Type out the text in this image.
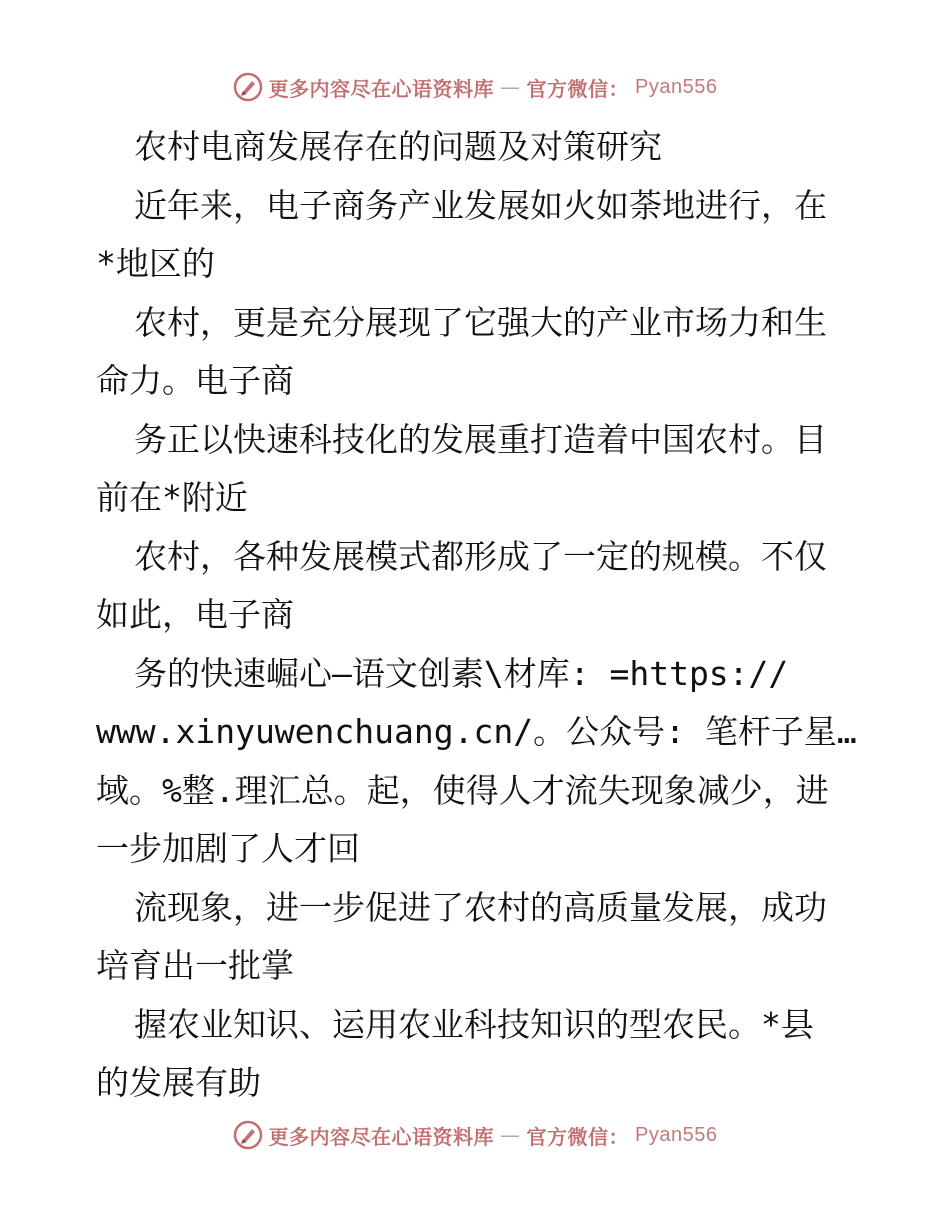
更多内容尽在心语资料库 — 官方微信： Pyan556
农村电商发展存在的问题及对策研究
近年来，电子商务产业发展如火如荼地进行，在
*地区的
农村，更是充分展现了它强大的产业市场力和生
命力。电子商
务正以快速科技化的发展重打造着中国农村。目
前在*附近
农村，各种发展模式都形成了一定的规模。不仅
如此，电子商
务的快速崛心—语文创素\材库: =https://
www.xinyuwenchuang.cn/。公众号: 笔杆子星…
域。%整.理汇总。起，使得人才流失现象减少，进
一步加剧了人才回
流现象，进一步促进了农村的高质量发展，成功
培育出一批掌
握农业知识、运用农业科技知识的型农民。*县
的发展有助
更多内容尽在心语资料库 — 官方微信： Pyan556
